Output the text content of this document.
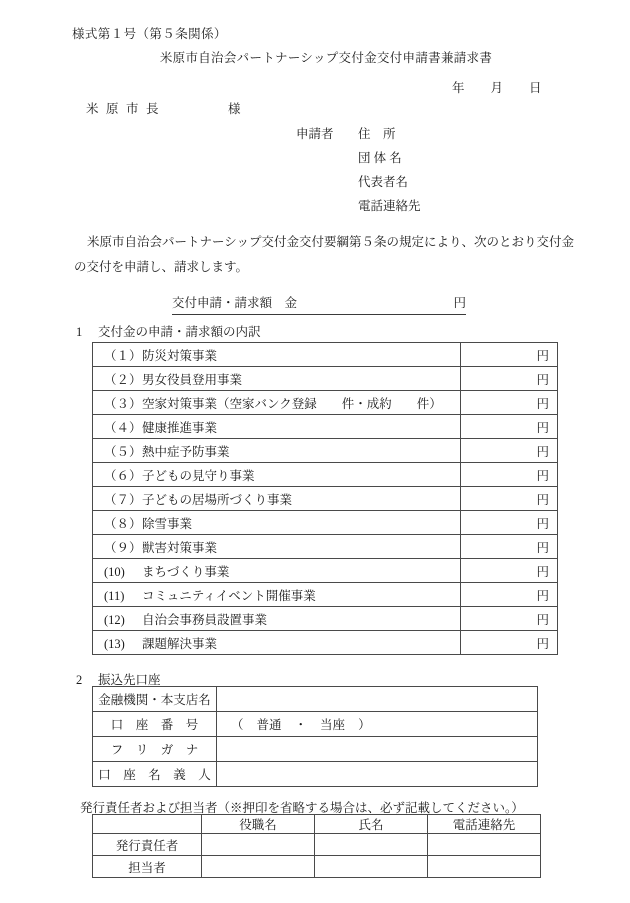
様式第１号（第５条関係）
米原市自治会パートナーシップ交付金交付申請書兼請求書
年 月 日
米原市長	様
申請者 住　所
団 体 名
代表者名
電話連絡先
米原市自治会パートナーシップ交付金交付要綱第５条の規定により、次のとおり交付金の交付を申請し、請求します。
円
交付申請・請求額　金
1 交付金の申請・請求額の内訳
（１）防災対策事業	円
（２）男女役員登用事業	円
（３）空家対策事業（空家バンク登録　　件・成約　　件）	円
（４）健康推進事業	円
（５）熱中症予防事業	円
（６）子どもの見守り事業	円
（７）子どもの居場所づくり事業	円
（８）除雪事業	円
（９）獣害対策事業	円
(10) まちづくり事業	円
(11) コミュニティイベント開催事業	円
(12) 自治会事務員設置事業	円
(13) 課題解決事業	円
2 振込先口座
金融機関・本支店名	
口　座　番　号	（ 普通 ・ 当座 ）
フ　リ　ガ　ナ	
口　座　名　義　人	
発行責任者および担当者（※押印を省略する場合は、必ず記載してください。）
	役職名	氏名	電話連絡先
発行責任者			
担当者			
